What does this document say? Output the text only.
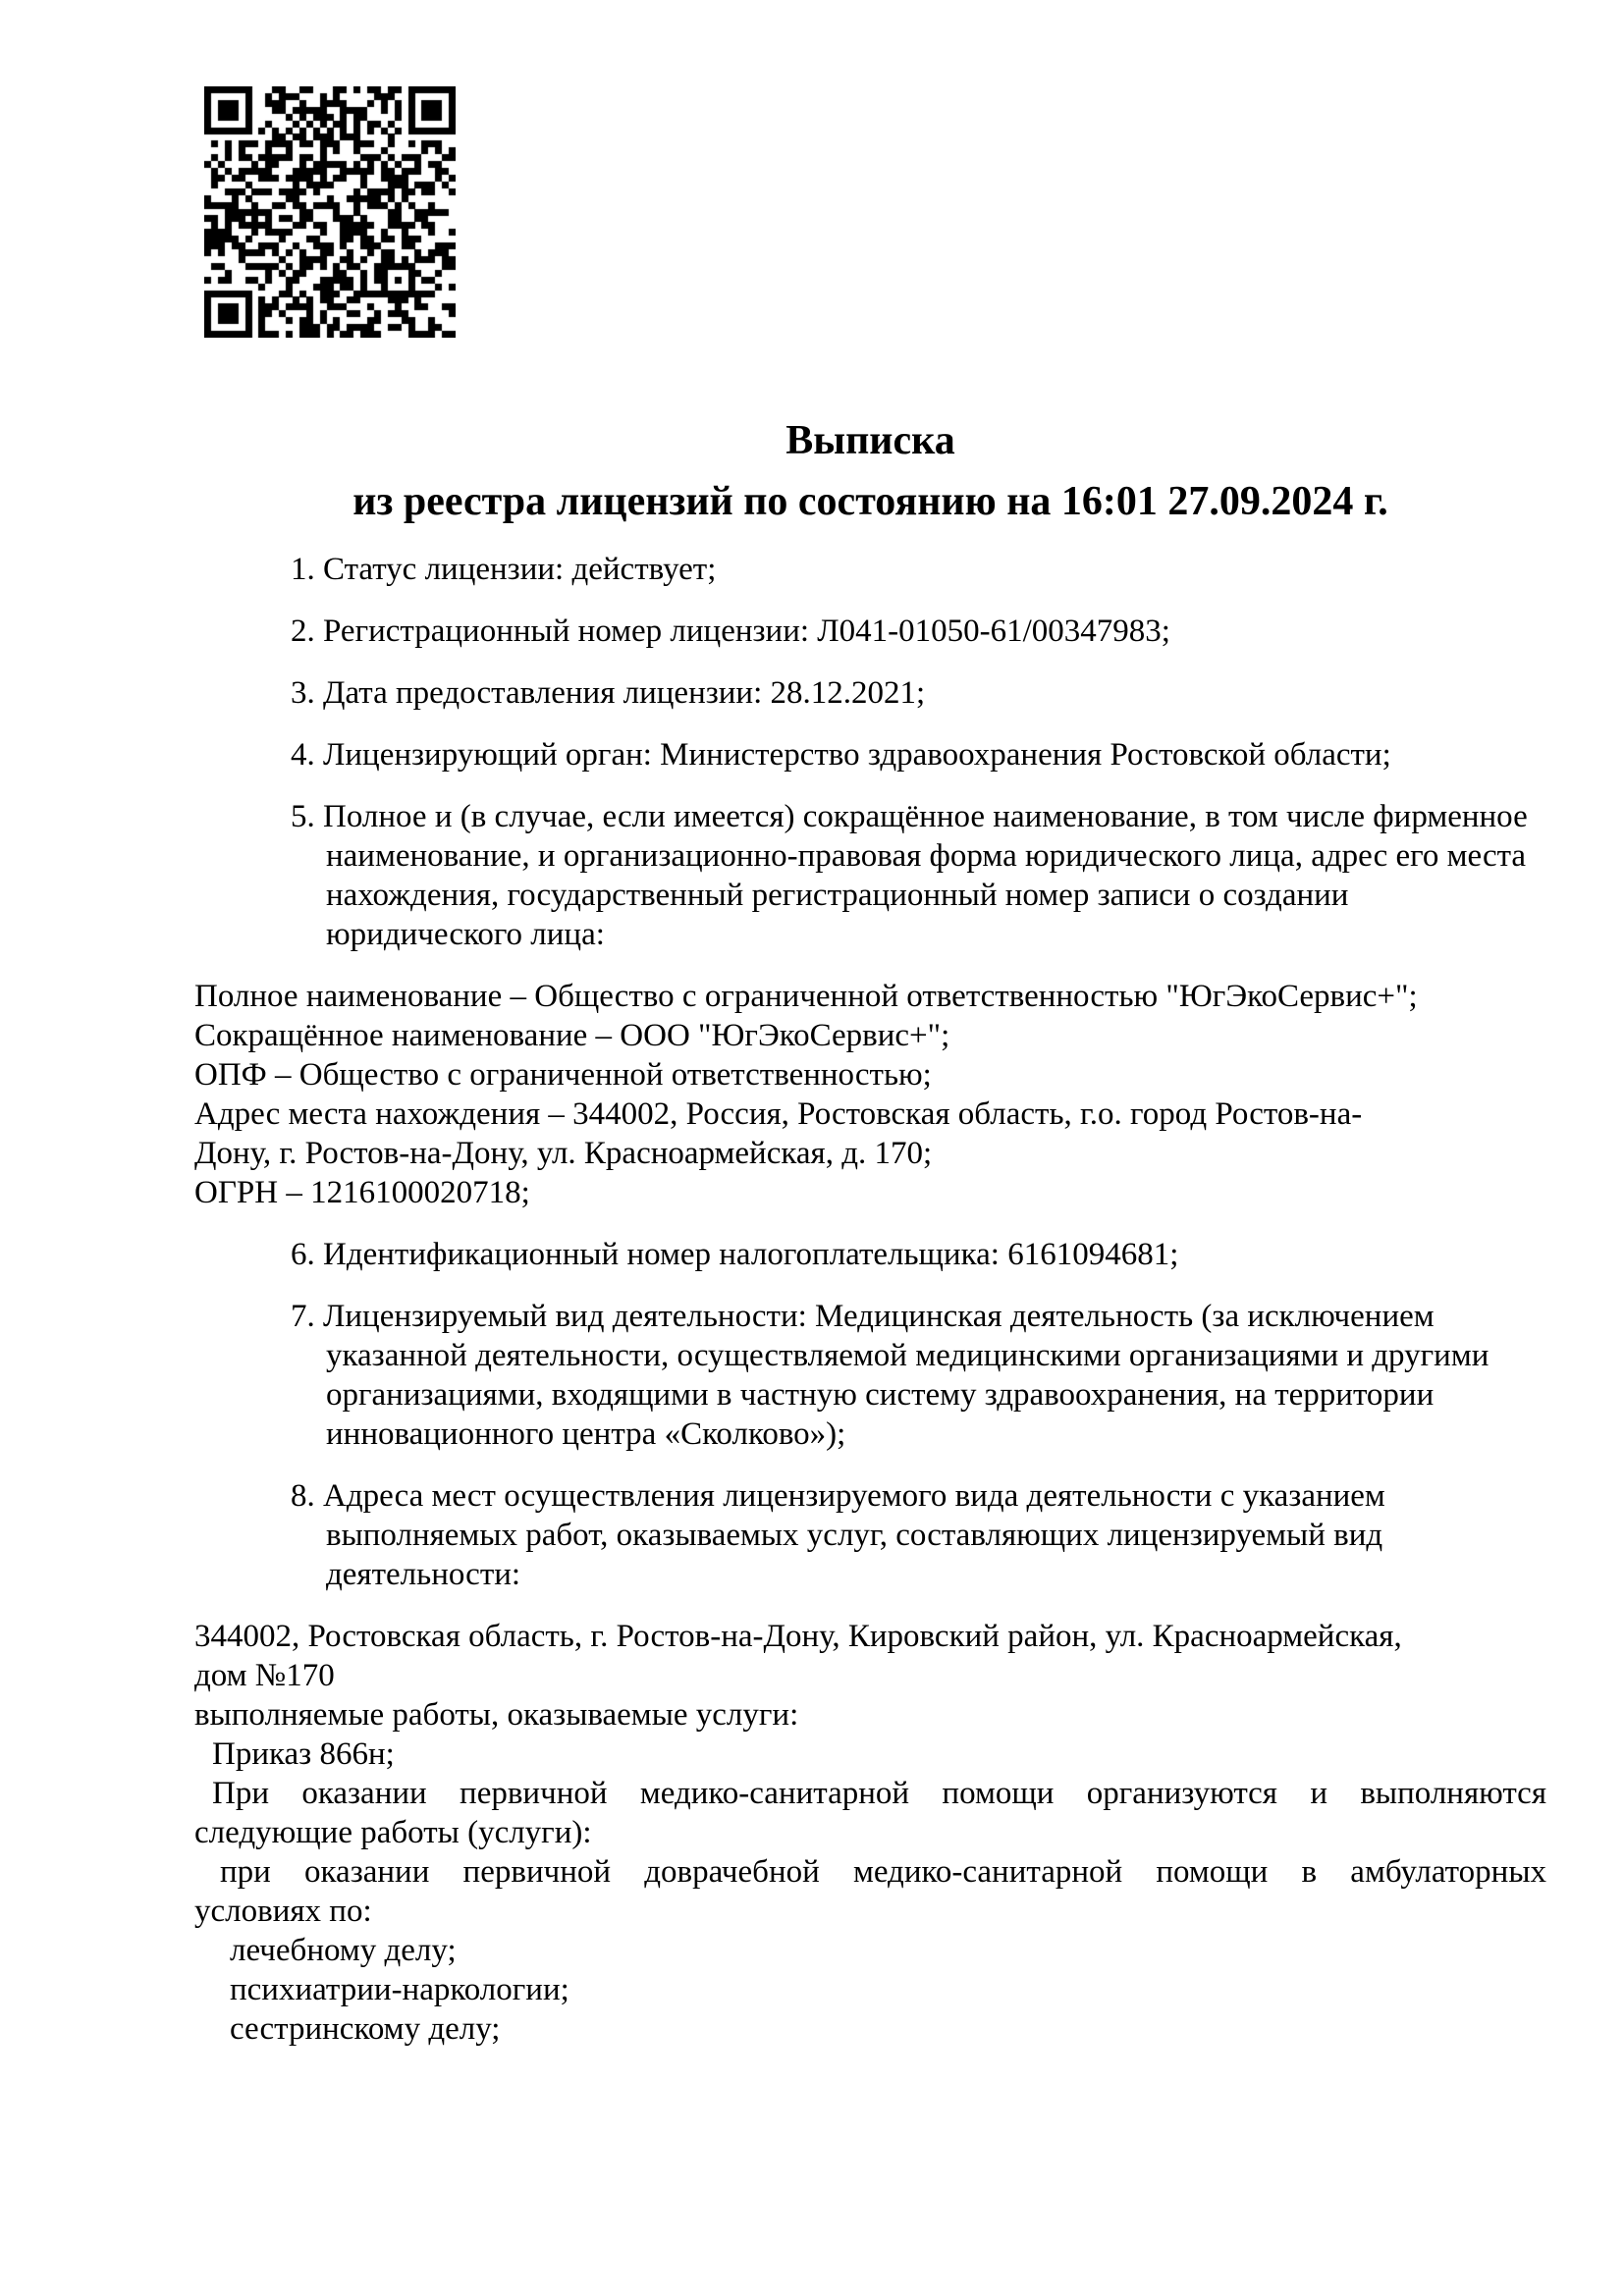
Выписка
из реестра лицензий по состоянию на 16:01 27.09.2024 г.
1. Статус лицензии: действует;
2. Регистрационный номер лицензии: Л041-01050-61/00347983;
3. Дата предоставления лицензии: 28.12.2021;
4. Лицензирующий орган: Министерство здравоохранения Ростовской области;
5. Полное и (в случае, если имеется) сокращённое наименование, в том числе фирменное
наименование, и организационно-правовая форма юридического лица, адрес его места
нахождения, государственный регистрационный номер записи о создании
юридического лица:
Полное наименование – Общество с ограниченной ответственностью "ЮгЭкоСервис+";
Сокращённое наименование – ООО "ЮгЭкоСервис+";
ОПФ – Общество с ограниченной ответственностью;
Адрес места нахождения – 344002, Россия, Ростовская область, г.о. город Ростов-на-
Дону, г. Ростов-на-Дону, ул. Красноармейская, д. 170;
ОГРН – 1216100020718;
6. Идентификационный номер налогоплательщика: 6161094681;
7. Лицензируемый вид деятельности: Медицинская деятельность (за исключением
указанной деятельности, осуществляемой медицинскими организациями и другими
организациями, входящими в частную систему здравоохранения, на территории
инновационного центра «Сколково»);
8. Адреса мест осуществления лицензируемого вида деятельности с указанием
выполняемых работ, оказываемых услуг, составляющих лицензируемый вид
деятельности:
344002, Ростовская область, г. Ростов-на-Дону, Кировский район, ул. Красноармейская,
дом №170
выполняемые работы, оказываемые услуги:
Приказ 866н;
При оказании первичной медико-санитарной помощи организуются и выполняются
следующие работы (услуги):
при оказании первичной доврачебной медико-санитарной помощи в амбулаторных
условиях по:
лечебному делу;
психиатрии-наркологии;
сестринскому делу;
